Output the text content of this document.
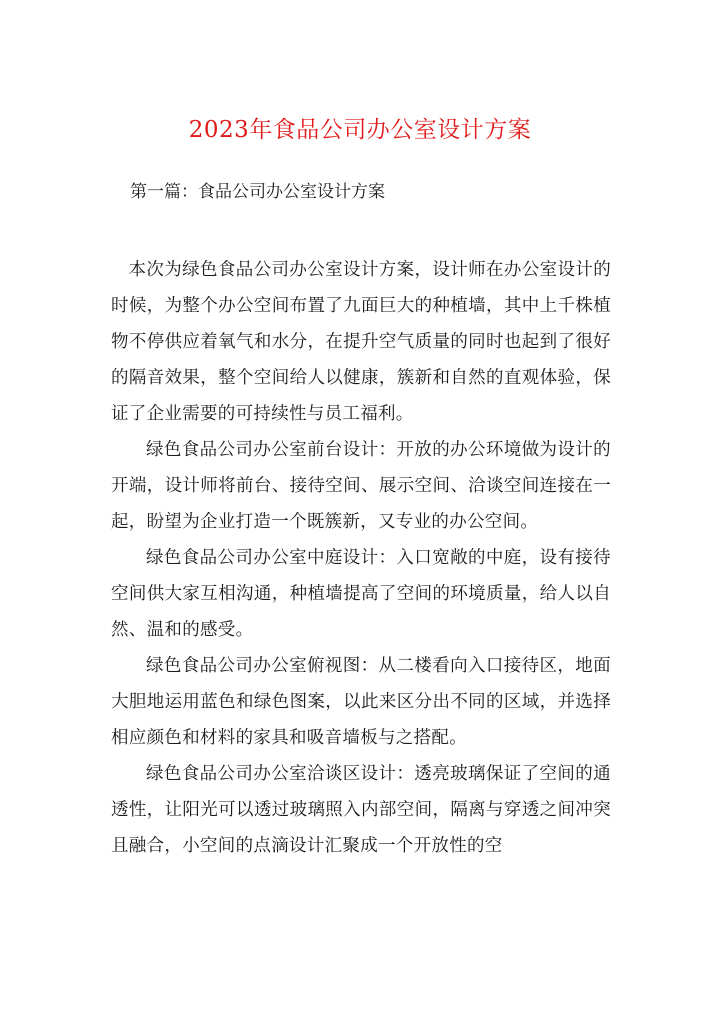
2023年食品公司办公室设计方案

第一篇：食品公司办公室设计方案

本次为绿色食品公司办公室设计方案，设计师在办公室设计的时候，为整个办公空间布置了九面巨大的种植墙，其中上千株植物不停供应着氧气和水分，在提升空气质量的同时也起到了很好的隔音效果，整个空间给人以健康，簇新和自然的直观体验，保证了企业需要的可持续性与员工福利。

绿色食品公司办公室前台设计：开放的办公环境做为设计的开端，设计师将前台、接待空间、展示空间、洽谈空间连接在一起，盼望为企业打造一个既簇新，又专业的办公空间。

绿色食品公司办公室中庭设计：入口宽敞的中庭，设有接待空间供大家互相沟通，种植墙提高了空间的环境质量，给人以自然、温和的感受。

绿色食品公司办公室俯视图：从二楼看向入口接待区，地面大胆地运用蓝色和绿色图案，以此来区分出不同的区域，并选择相应颜色和材料的家具和吸音墙板与之搭配。

绿色食品公司办公室洽谈区设计：透亮玻璃保证了空间的通透性，让阳光可以透过玻璃照入内部空间，隔离与穿透之间冲突且融合，小空间的点滴设计汇聚成一个开放性的空
